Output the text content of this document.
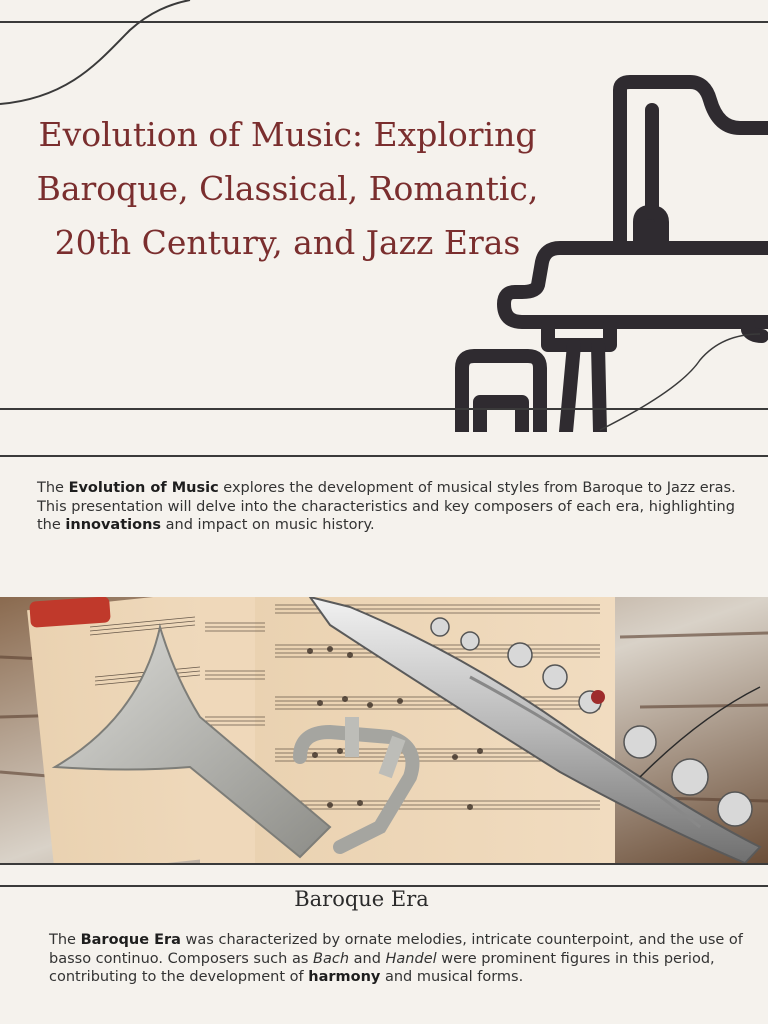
Evolution of Music: Exploring Baroque, Classical, Romantic, 20th Century, and Jazz Eras
The Evolution of Music explores the development of musical styles from Baroque to Jazz eras. This presentation will delve into the characteristics and key composers of each era, highlighting the innovations and impact on music history.
Baroque Era
The Baroque Era was characterized by ornate melodies, intricate counterpoint, and the use of basso continuo. Composers such as Bach and Handel were prominent figures in this period, contributing to the development of harmony and musical forms.
